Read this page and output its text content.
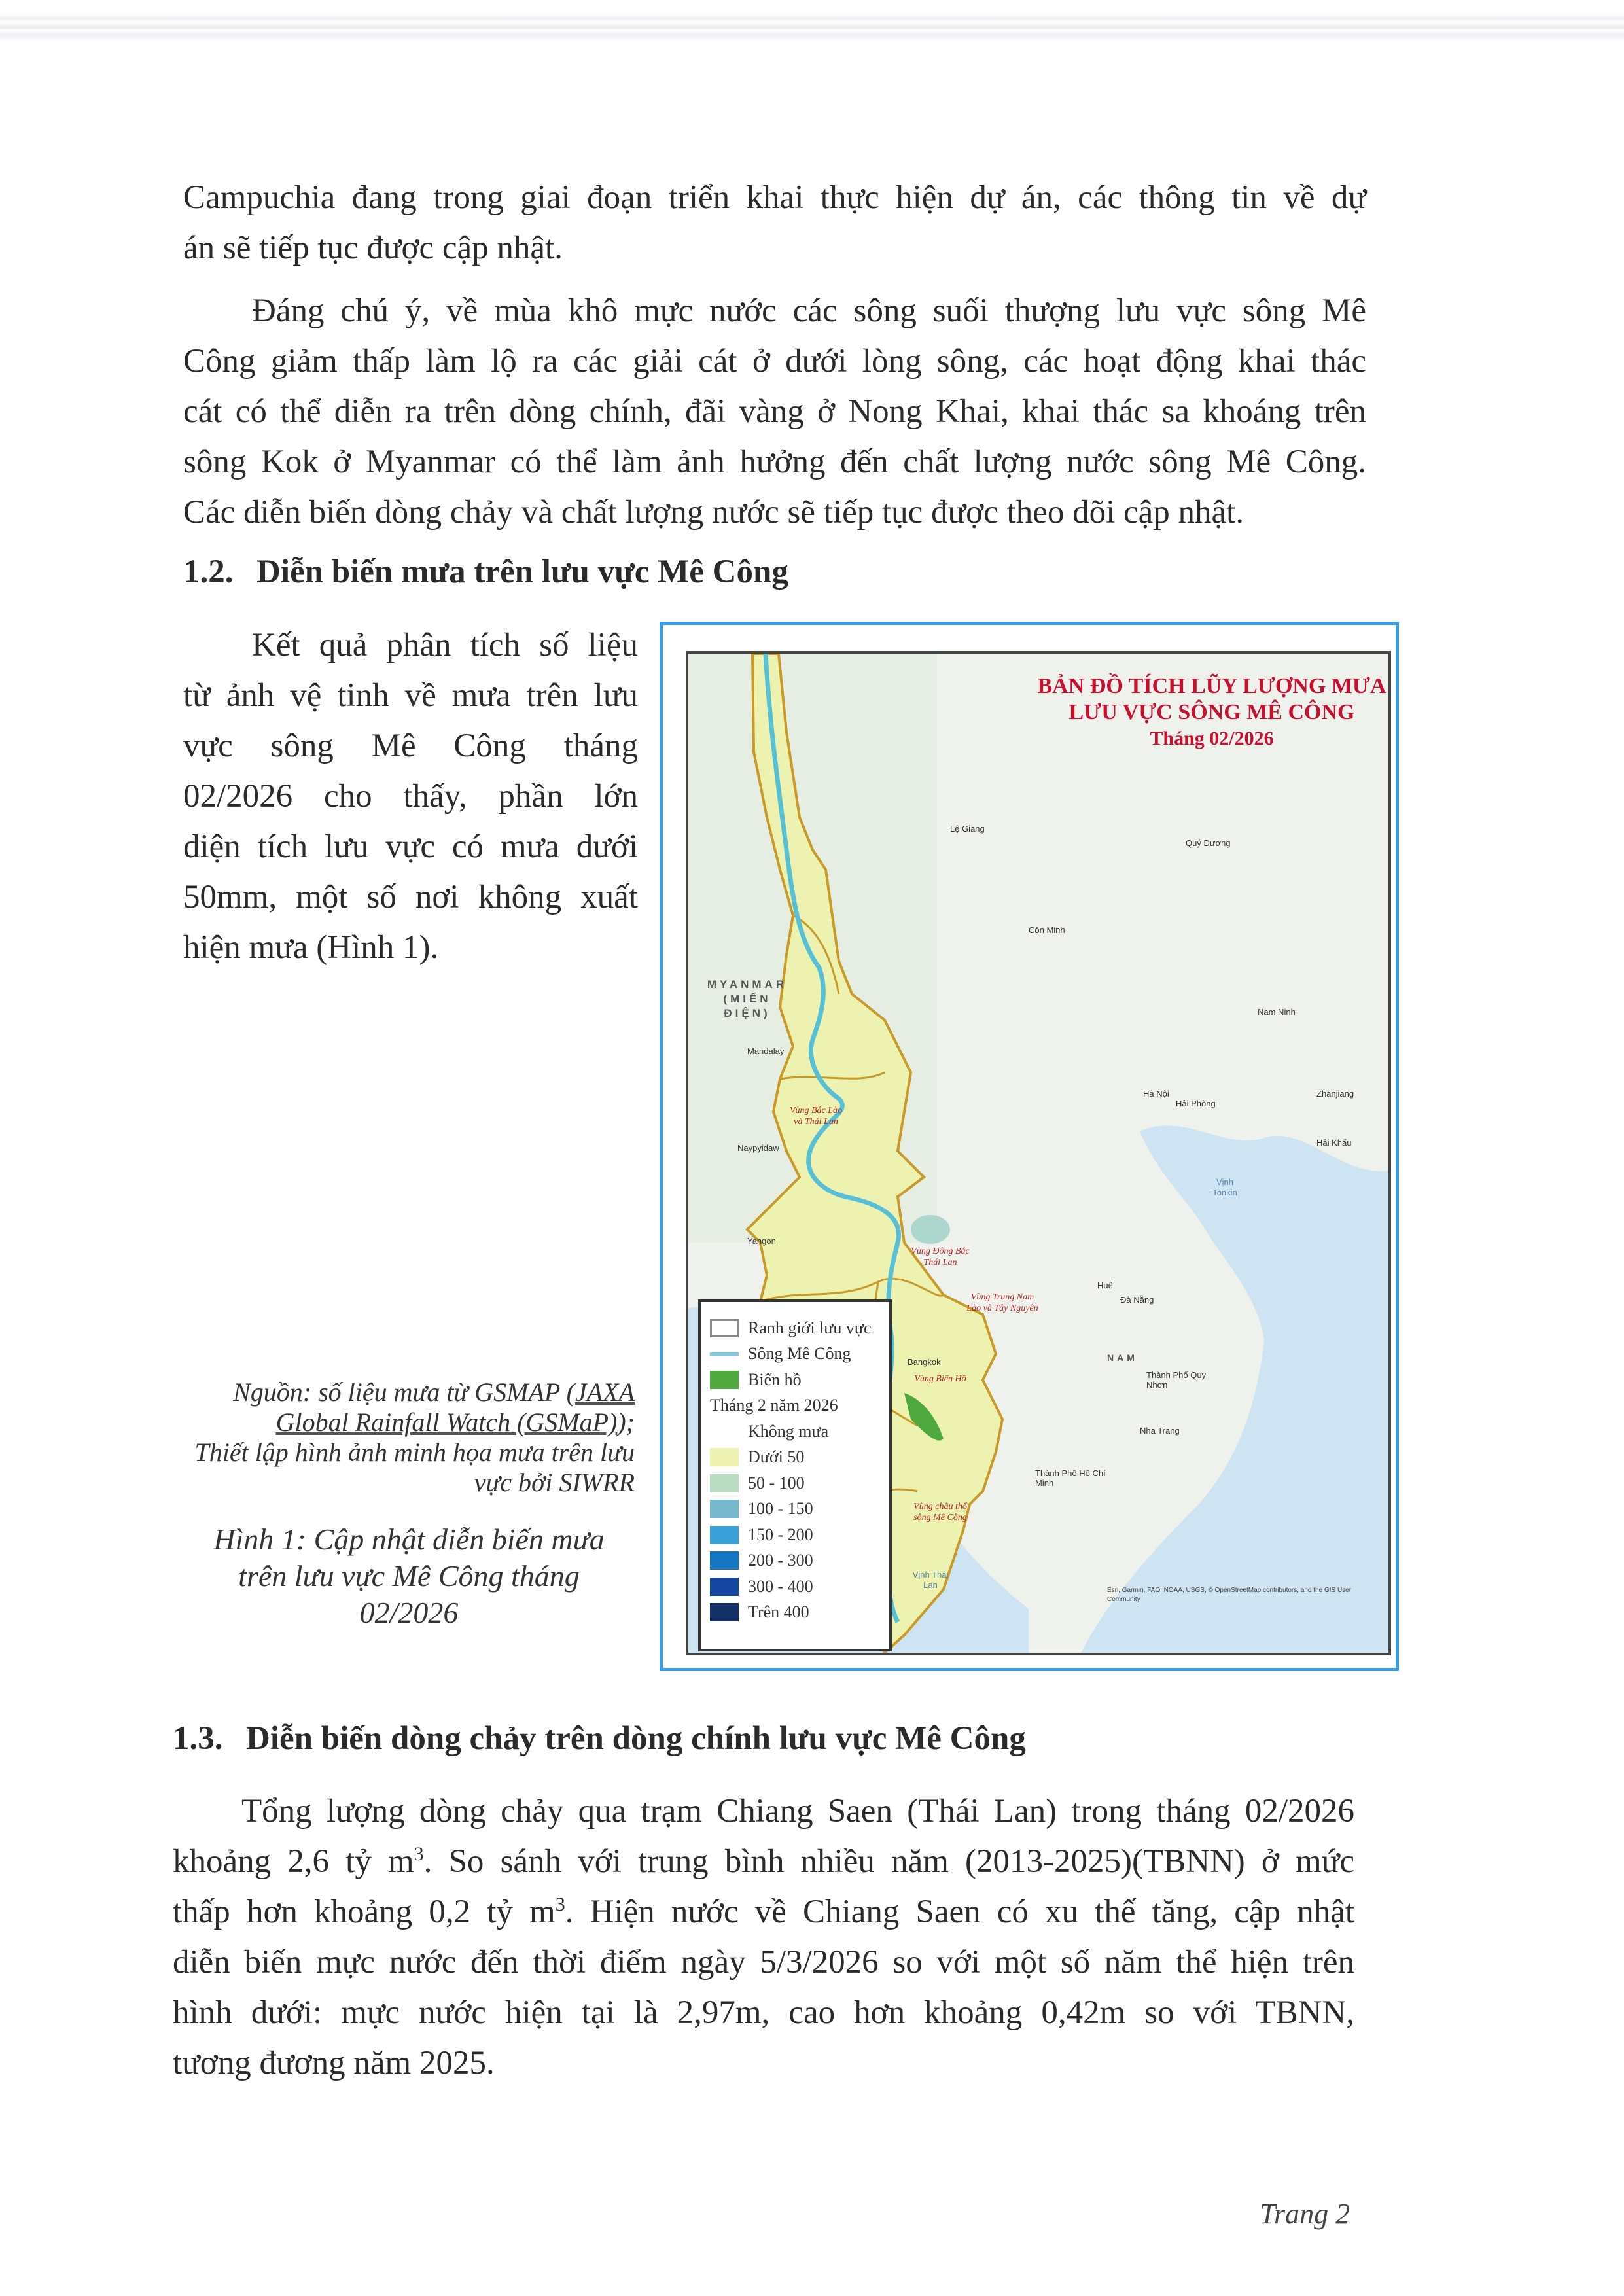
Campuchia đang trong giai đoạn triển khai thực hiện dự án, các thông tin về dự
án sẽ tiếp tục được cập nhật.
Đáng chú ý, về mùa khô mực nước các sông suối thượng lưu vực sông Mê
Công giảm thấp làm lộ ra các giải cát ở dưới lòng sông, các hoạt động khai thác
cát có thể diễn ra trên dòng chính, đãi vàng ở Nong Khai, khai thác sa khoáng trên
sông Kok ở Myanmar có thể làm ảnh hưởng đến chất lượng nước sông Mê Công.
Các diễn biến dòng chảy và chất lượng nước sẽ tiếp tục được theo dõi cập nhật.
1.2. Diễn biến mưa trên lưu vực Mê Công
Kết quả phân tích số liệu
từ ảnh vệ tinh về mưa trên lưu
vực sông Mê Công tháng
02/2026 cho thấy, phần lớn
diện tích lưu vực có mưa dưới
50mm, một số nơi không xuất
hiện mưa (Hình 1).
Nguồn: số liệu mưa từ GSMAP (JAXA Global Rainfall Watch (GSMaP));
Thiết lập hình ảnh minh họa mưa trên lưu vực bởi SIWRR
Hình 1: Cập nhật diễn biến mưa
trên lưu vực Mê Công tháng
02/2026
BẢN ĐỒ TÍCH LŨY LƯỢNG MƯA
LƯU VỰC SÔNG MÊ CÔNG
Tháng 02/2026
MYANMAR (MIẾN ĐIỆN)
Lệ Giang
Côn Minh
Quý Dương
Mandalay
Naypyidaw
Yangon
Nam Ninh
Hà Nội
Hải Phòng
Zhanjiang
Hải Khẩu
Vịnh Tonkin
Huế
Đà Nẵng
NAM
Thành Phố Quy Nhơn
Nha Trang
Thành Phố Hồ Chí Minh
Bangkok
Vịnh Thái Lan
Vùng Bắc Lào và Thái Lan
Vùng Đông Bắc Thái Lan
Vùng Trung Nam Lào và Tây Nguyên
Vùng Biển Hồ
Vùng châu thổ sông Mê Công
Esri, Garmin, FAO, NOAA, USGS, © OpenStreetMap contributors, and the GIS User Community
Ranh giới lưu vực
Sông Mê Công
Biển hồ
Tháng 2 năm 2026
Không mưa
Dưới 50
50 - 100
100 - 150
150 - 200
200 - 300
300 - 400
Trên 400
1.3. Diễn biến dòng chảy trên dòng chính lưu vực Mê Công
Tổng lượng dòng chảy qua trạm Chiang Saen (Thái Lan) trong tháng 02/2026
khoảng 2,6 tỷ $m^3$. So sánh với trung bình nhiều năm (2013-2025)(TBNN) ở mức
thấp hơn khoảng 0,2 tỷ $m^3$. Hiện nước về Chiang Saen có xu thế tăng, cập nhật
diễn biến mực nước đến thời điểm ngày 5/3/2026 so với một số năm thể hiện trên
hình dưới: mực nước hiện tại là 2,97m, cao hơn khoảng 0,42m so với TBNN,
tương đương năm 2025.
Trang 2
